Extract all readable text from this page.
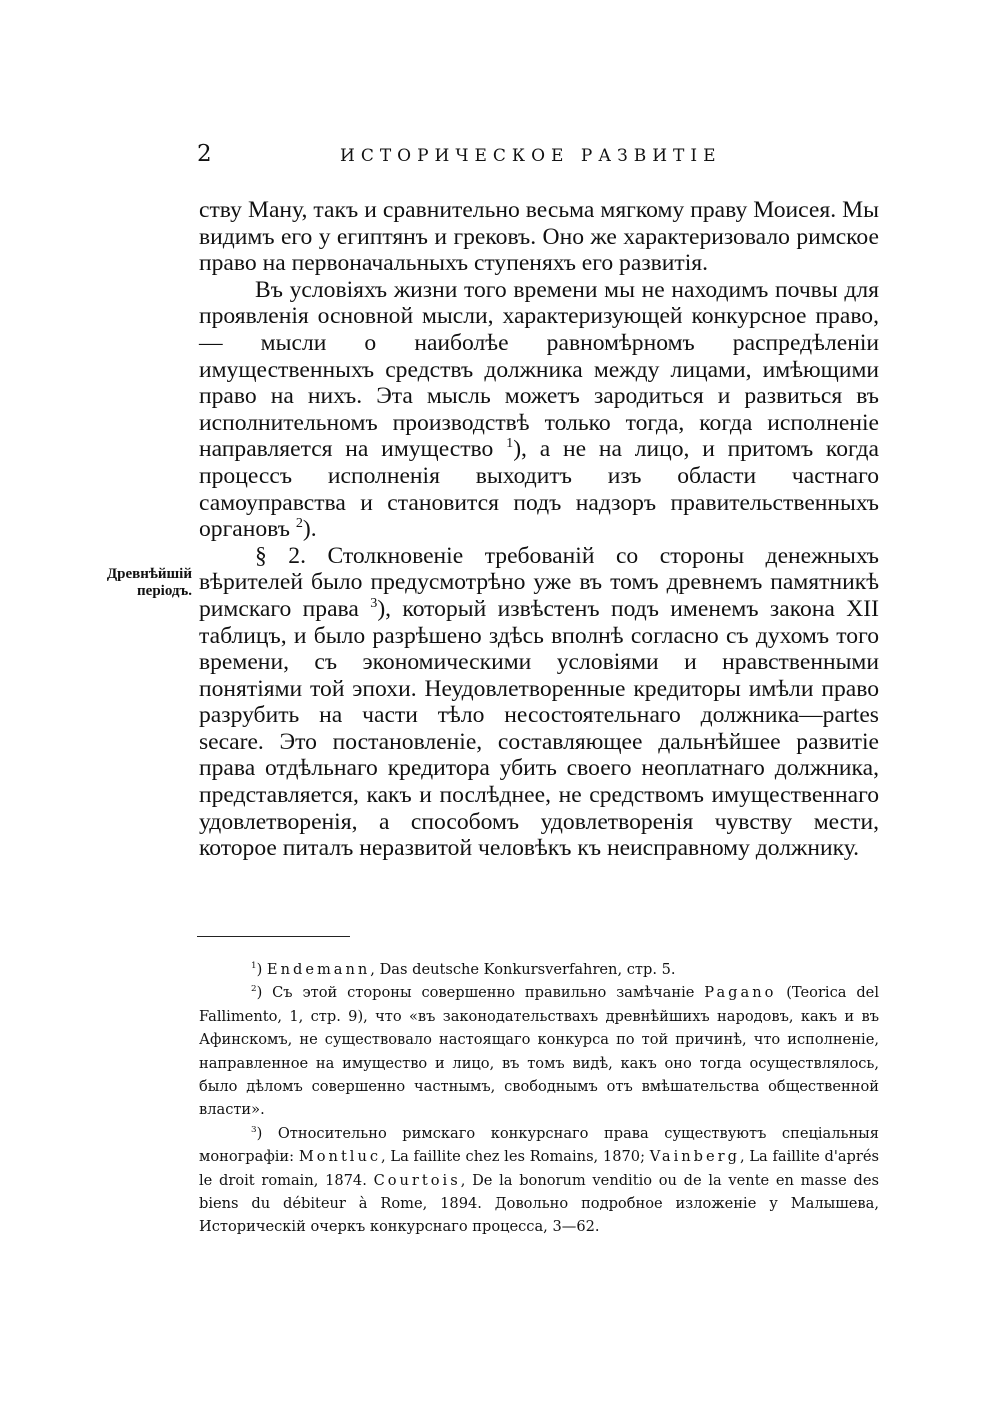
2	ИСТОРИЧЕСКОЕ РАЗВИТІЕ
Древнѣйшій періодъ.

ству Ману, такъ и сравнительно весьма мягкому праву Моисея. Мы видимъ его у египтянъ и грековъ. Оно же характеризовало римское право на первоначальныхъ ступеняхъ его развитія.

Въ условіяхъ жизни того времени мы не находимъ почвы для проявленія основной мысли, характеризующей конкурсное право, — мысли о наиболѣе равномѣрномъ распредѣленіи имущественныхъ средствъ должника между лицами, имѣющими право на нихъ. Эта мысль можетъ зародиться и развиться въ исполнительномъ производствѣ только тогда, когда исполненіе направляется на имущество $^1$), а не на лицо, и притомъ когда процессъ исполненія выходитъ изъ области частнаго самоуправства и становится подъ надзоръ правительственныхъ органовъ $^2$).

§ 2. Столкновеніе требованій со стороны денежныхъ вѣрителей было предусмотрѣно уже въ томъ древнемъ памятникѣ римскаго права $^3$), который извѣстенъ подъ именемъ закона XII таблицъ, и было разрѣшено здѣсь вполнѣ согласно съ духомъ того времени, съ экономическими условіями и нравственными понятіями той эпохи. Неудовлетворенные кредиторы имѣли право разрубить на части тѣло несостоятельнаго должника—partes secare. Это постановленіе, составляющее дальнѣйшее развитіе права отдѣльнаго кредитора убить своего неоплатнаго должника, представляется, какъ и послѣднее, не средствомъ имущественнаго удовлетворенія, а способомъ удовлетворенія чувству мести, которое питалъ неразвитой человѣкъ къ неисправному должнику.

$^1$) Endemann, Das deutsche Konkursverfahren, стр. 5.

$^2$) Съ этой стороны совершенно правильно замѣчаніе Pagano (Teorica del Fallimento, 1, стр. 9), что «въ законодательствахъ древнѣйшихъ народовъ, какъ и въ Афинскомъ, не существовало настоящаго конкурса по той причинѣ, что исполненіе, направленное на имущество и лицо, въ томъ видѣ, какъ оно тогда осуществлялось, было дѣломъ совершенно частнымъ, свободнымъ отъ вмѣшательства общественной власти».

$^3$) Относительно римскаго конкурснаго права существуютъ спеціальныя монографіи: Montluc, La faillite chez les Romains, 1870; Vainberg, La faillite d'aprés le droit romain, 1874. Courtois, De la bonorum venditio ou de la vente en masse des biens du débiteur à Rome, 1894. Довольно подробное изложеніе у Малышева, Историческій очеркъ конкурснаго процесса, 3—62.
